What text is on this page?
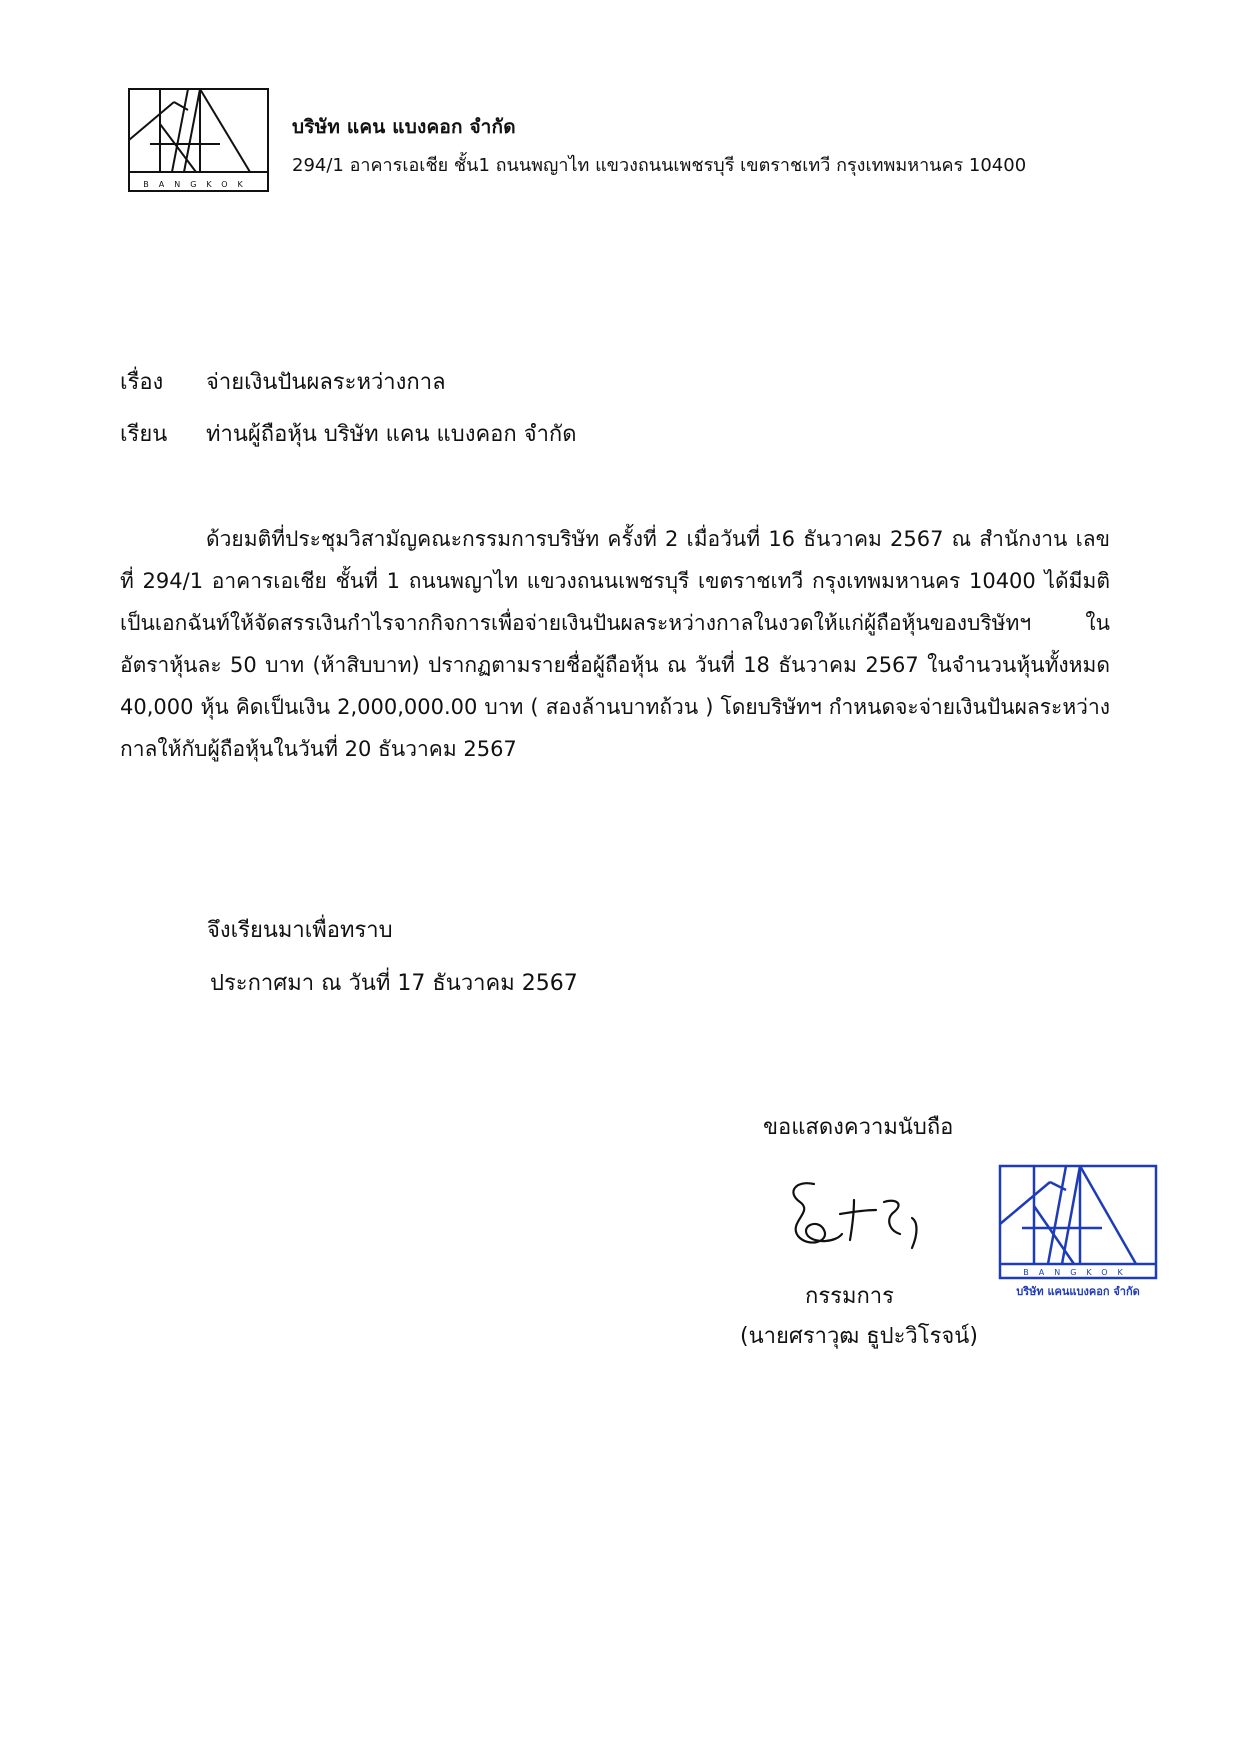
BANGKOK
บริษัท แคน แบงคอก จำกัด
294/1 อาคารเอเชีย ชั้น1 ถนนพญาไท แขวงถนนเพชรบุรี เขตราชเทวี กรุงเทพมหานคร 10400
เรื่อง จ่ายเงินปันผลระหว่างกาล
เรียน ท่านผู้ถือหุ้น บริษัท แคน แบงคอก จำกัด
ด้วยมติที่ประชุมวิสามัญคณะกรรมการบริษัท ครั้งที่ 2 เมื่อวันที่ 16 ธันวาคม 2567 ณ สำนักงาน เลขที่ 294/1 อาคารเอเชีย ชั้นที่ 1 ถนนพญาไท แขวงถนนเพชรบุรี เขตราชเทวี กรุงเทพมหานคร 10400 ได้มีมติเป็นเอกฉันท์ให้จัดสรรเงินกำไรจากกิจการเพื่อจ่ายเงินปันผลระหว่างกาลในงวดให้แก่ผู้ถือหุ้นของบริษัทฯ ในอัตราหุ้นละ 50 บาท (ห้าสิบบาท) ปรากฏตามรายชื่อผู้ถือหุ้น ณ วันที่ 18 ธันวาคม 2567 ในจำนวนหุ้นทั้งหมด 40,000 หุ้น คิดเป็นเงิน 2,000,000.00 บาท ( สองล้านบาทถ้วน ) โดยบริษัทฯ กำหนดจะจ่ายเงินปันผลระหว่างกาลให้กับผู้ถือหุ้นในวันที่ 20 ธันวาคม 2567
จึงเรียนมาเพื่อทราบ
ประกาศมา ณ วันที่ 17 ธันวาคม 2567
ขอแสดงความนับถือ
กรรมการ
(นายศราวุฒ ธูปะวิโรจน์)
BANGKOK
บริษัท แคนแบงคอก จำกัด
